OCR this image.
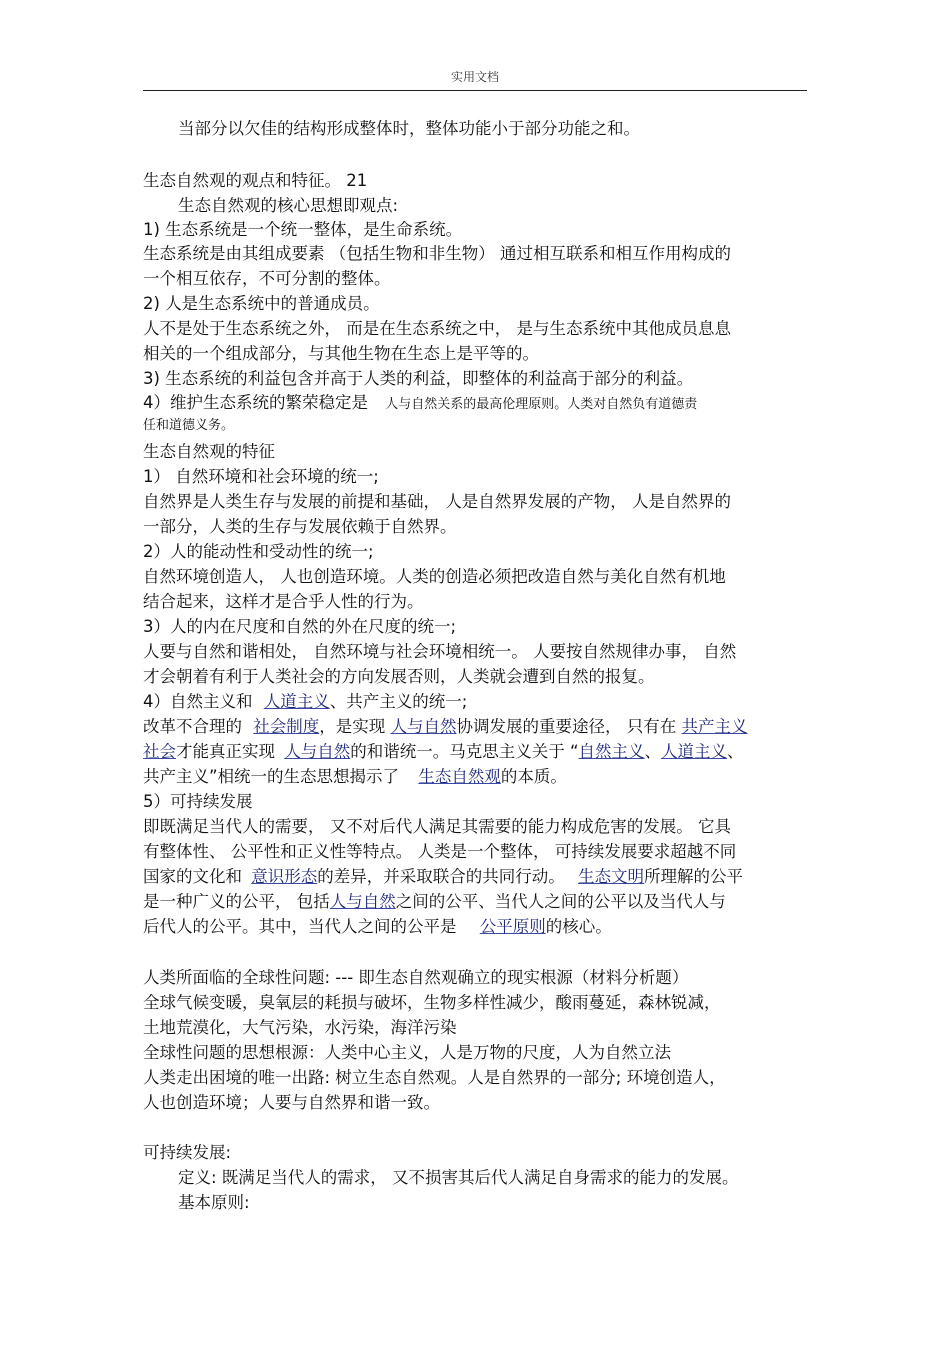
实用文档
当部分以欠佳的结构形成整体时，整体功能小于部分功能之和。
生态自然观的观点和特征。 21
生态自然观的核心思想即观点:
1) 生态系统是一个统一整体，是生命系统。
生态系统是由其组成要素 （包括生物和非生物） 通过相互联系和相互作用构成的
一个相互依存，不可分割的整体。
2) 人是生态系统中的普通成员。
人不是处于生态系统之外， 而是在生态系统之中， 是与生态系统中其他成员息息
相关的一个组成部分，与其他生物在生态上是平等的。
3) 生态系统的利益包含并高于人类的利益，即整体的利益高于部分的利益。
4）维护生态系统的繁荣稳定是 人与自然关系的最高伦理原则。人类对自然负有道德责
任和道德义务。
生态自然观的特征
1） 自然环境和社会环境的统一;
自然界是人类生存与发展的前提和基础， 人是自然界发展的产物， 人是自然界的
一部分，人类的生存与发展依赖于自然界。
2）人的能动性和受动性的统一;
自然环境创造人， 人也创造环境。人类的创造必须把改造自然与美化自然有机地
结合起来，这样才是合乎人性的行为。
3）人的内在尺度和自然的外在尺度的统一;
人要与自然和谐相处， 自然环境与社会环境相统一。 人要按自然规律办事， 自然
才会朝着有利于人类社会的方向发展否则，人类就会遭到自然的报复。
4）自然主义和 人道主义、共产主义的统一;
改革不合理的 社会制度，是实现 人与自然协调发展的重要途径， 只有在 共产主义
社会才能真正实现 人与自然的和谐统一。马克思主义关于 “自然主义、人道主义、
共产主义”相统一的生态思想揭示了 生态自然观的本质。
5）可持续发展
即既满足当代人的需要， 又不对后代人满足其需要的能力构成危害的发展。 它具
有整体性、 公平性和正义性等特点。 人类是一个整体， 可持续发展要求超越不同
国家的文化和 意识形态的差异，并采取联合的共同行动。 生态文明所理解的公平
是一种广义的公平， 包括人与自然之间的公平、当代人之间的公平以及当代人与
后代人的公平。其中，当代人之间的公平是 公平原则的核心。
人类所面临的全球性问题: --- 即生态自然观确立的现实根源（材料分析题）
全球气候变暖，臭氧层的耗损与破坏，生物多样性减少，酸雨蔓延，森林锐减，
土地荒漠化，大气污染，水污染，海洋污染
全球性问题的思想根源：人类中心主义，人是万物的尺度，人为自然立法
人类走出困境的唯一出路: 树立生态自然观。人是自然界的一部分; 环境创造人，
人也创造环境；人要与自然界和谐一致。
可持续发展:
定义: 既满足当代人的需求， 又不损害其后代人满足自身需求的能力的发展。
基本原则:
